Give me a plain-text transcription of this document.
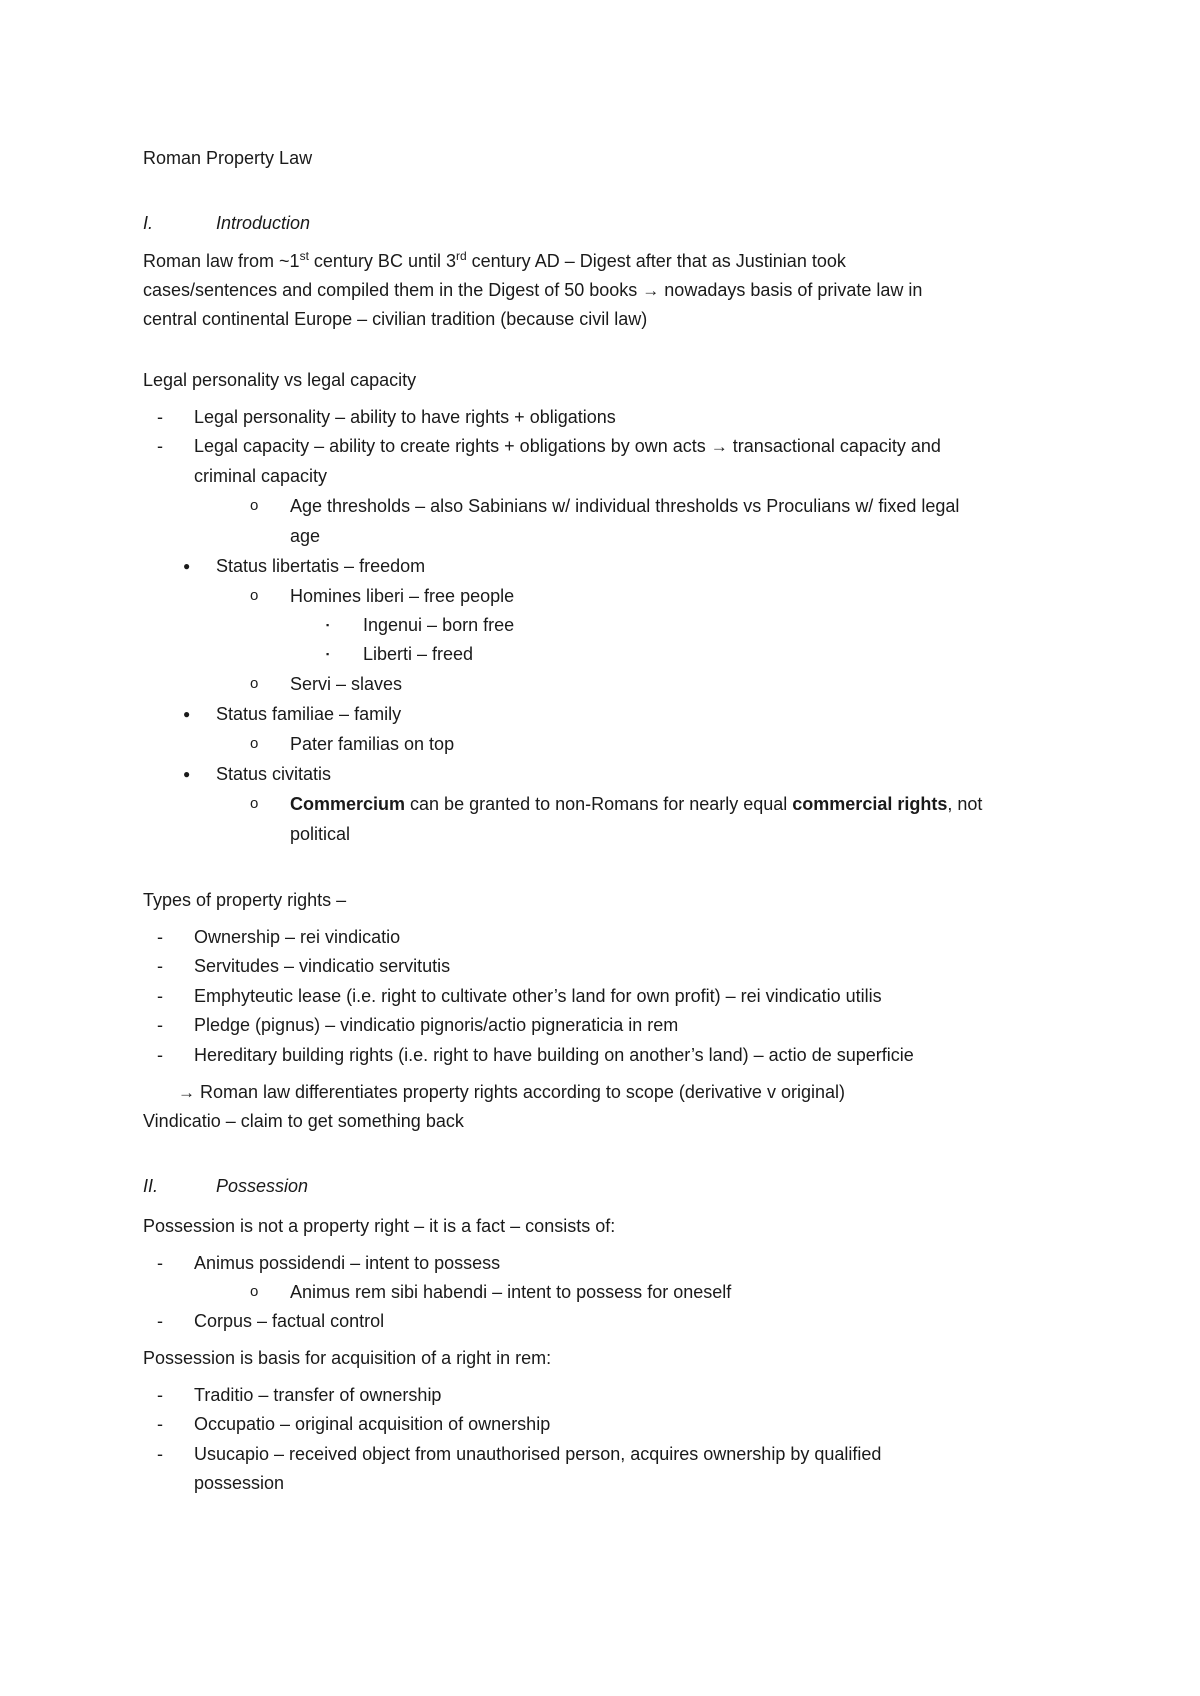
Roman Property Law
I.	Introduction
Roman law from ~1st century BC until 3rd century AD – Digest after that as Justinian took
cases/sentences and compiled them in the Digest of 50 books → nowadays basis of private law in
central continental Europe – civilian tradition (because civil law)
Legal personality vs legal capacity
- Legal personality – ability to have rights + obligations
- Legal capacity – ability to create rights + obligations by own acts → transactional capacity and
criminal capacity
o Age thresholds – also Sabinians w/ individual thresholds vs Proculians w/ fixed legal
age
● Status libertatis – freedom
o Homines liberi – free people
▪ Ingenui – born free
▪ Liberti – freed
o Servi – slaves
● Status familiae – family
o Pater familias on top
● Status civitatis
o Commercium can be granted to non-Romans for nearly equal commercial rights, not
political
Types of property rights –
- Ownership – rei vindicatio
- Servitudes – vindicatio servitutis
- Emphyteutic lease (i.e. right to cultivate other’s land for own profit) – rei vindicatio utilis
- Pledge (pignus) – vindicatio pignoris/actio pigneraticia in rem
- Hereditary building rights (i.e. right to have building on another’s land) – actio de superficie
→ Roman law differentiates property rights according to scope (derivative v original)
Vindicatio – claim to get something back
II.	Possession
Possession is not a property right – it is a fact – consists of:
- Animus possidendi – intent to possess
o Animus rem sibi habendi – intent to possess for oneself
- Corpus – factual control
Possession is basis for acquisition of a right in rem:
- Traditio – transfer of ownership
- Occupatio – original acquisition of ownership
- Usucapio – received object from unauthorised person, acquires ownership by qualified
possession
